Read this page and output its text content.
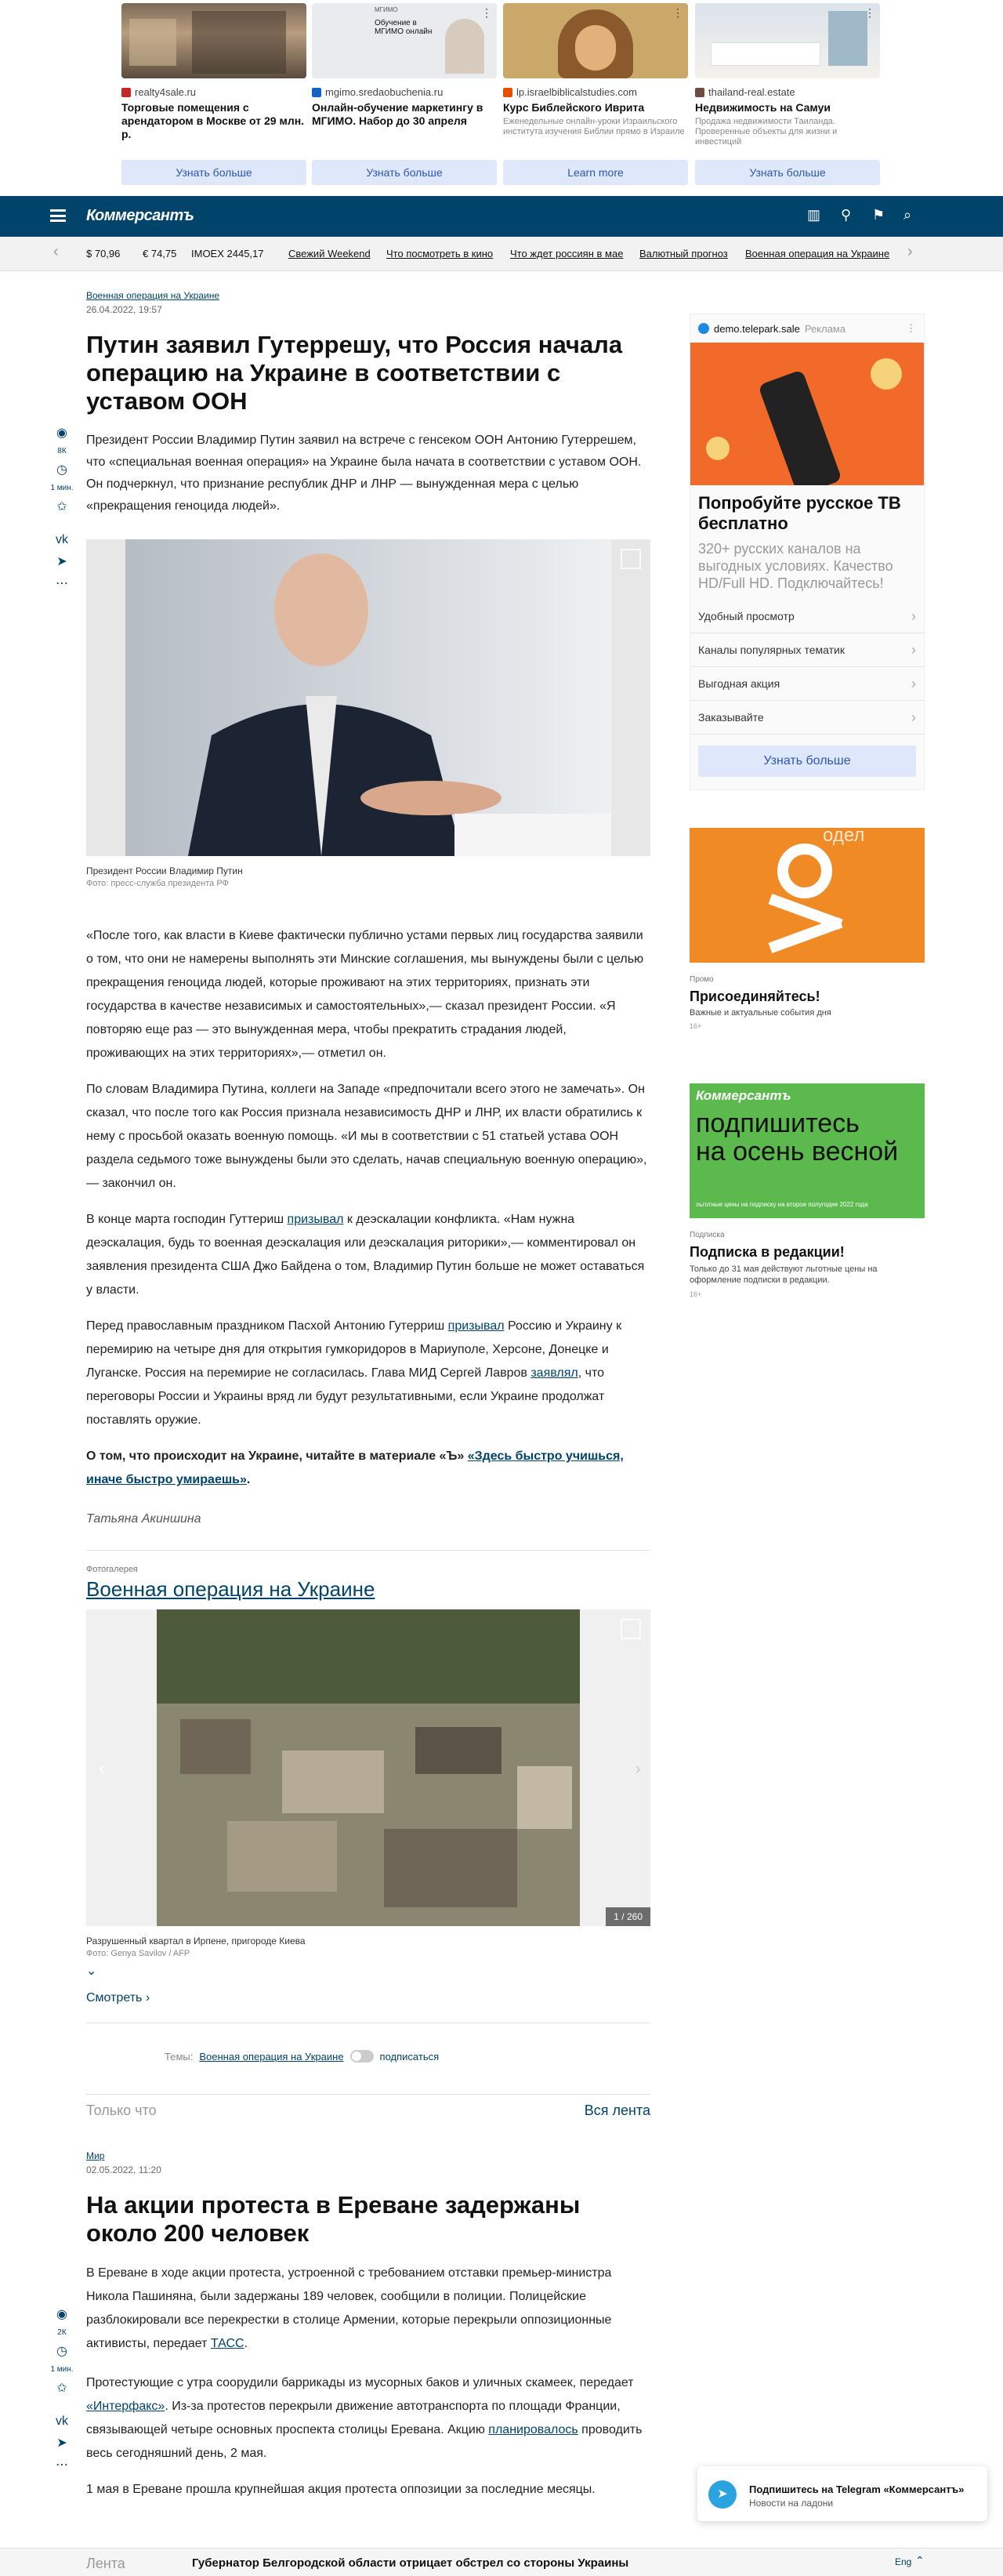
realty4sale.ru
Торговые помещения с арендатором в Москве от 29 млн. р.
Узнать больше
МГИМО
Обучение в МГИМО онлайн
⋮
mgimo.sredaobuchenia.ru
Онлайн-обучение маркетингу в МГИМО. Набор до 30 апреля
Узнать больше
⋮
lp.israelbiblicalstudies.com
Курс Библейского Иврита
Еженедельные онлайн-уроки Израильского института изучения Библии прямо в Израиле
Learn more
⋮
thailand-real.estate
Недвижимость на Самуи
Продажа недвижимости Таиланда. Проверенные объекты для жизни и инвестиций
Узнать больше
Коммерсантъ	▥ ⚲ ⚑ ⌕
‹	$ 70,96 € 74,75 IMOEX 2445,17 Свежий Weekend Что посмотреть в кино Что ждет россиян в мае Валютный прогноз Военная операция на Украине ›
Военная операция на Украине
26.04.2022, 19:57
Путин заявил Гутеррешу, что Россия начала операцию на Украине в соответствии с уставом ООН
◉
8К
◷
1 мин.
✩
vk
➤
⋯

Президент России Владимир Путин заявил на встрече с генсеком ООН Антонию Гутеррешем, что «специальная военная операция» на Украине была начата в соответствии с уставом ООН. Он подчеркнул, что признание республик ДНР и ЛНР — вынужденная мера с целью «прекращения геноцида людей».

Президент России Владимир Путин
Фото: пресс-служба президента РФ

«После того, как власти в Киеве фактически публично устами первых лиц государства заявили о том, что они не намерены выполнять эти Минские соглашения, мы вынуждены были с целью прекращения геноцида людей, которые проживают на этих территориях, признать эти государства в качестве независимых и самостоятельных»,— сказал президент России. «Я повторяю еще раз — это вынужденная мера, чтобы прекратить страдания людей, проживающих на этих территориях»,— отметил он.

По словам Владимира Путина, коллеги на Западе «предпочитали всего этого не замечать». Он сказал, что после того как Россия признала независимость ДНР и ЛНР, их власти обратились к нему с просьбой оказать военную помощь. «И мы в соответствии с 51 статьей устава ООН раздела седьмого тоже вынуждены были это сделать, начав специальную военную операцию»,— закончил он.

В конце марта господин Гуттериш призывал к деэскалации конфликта. «Нам нужна деэскалация, будь то военная деэскалация или деэскалация риторики»,— комментировал он заявления президента США Джо Байдена о том, Владимир Путин больше не может оставаться у власти.

Перед православным праздником Пасхой Антонию Гутерриш призывал Россию и Украину к перемирию на четыре дня для открытия гумкоридоров в Мариуполе, Херсоне, Донецке и Луганске. Россия на перемирие не согласилась. Глава МИД Сергей Лавров заявлял, что переговоры России и Украины вряд ли будут результативными, если Украине продолжат поставлять оружие.

О том, что происходит на Украине, читайте в материале «Ъ» «Здесь быстро учишься, иначе быстро умираешь».

Татьяна Акиншина
Фотогалерея
Военная операция на Украине
‹	›
1 / 260
Разрушенный квартал в Ирпене, пригороде Киева
Фото: Genya Savilov / AFP
⌄
Смотреть ›
Темы: Военная операция на Украине	подписаться
Только что	Вся лента
Мир
02.05.2022, 11:20
На акции протеста в Ереване задержаны около 200 человек
◉
2К
◷
1 мин.
✩
vk
➤
⋯

В Ереване в ходе акции протеста, устроенной с требованием отставки премьер-министра Никола Пашиняна, были задержаны 189 человек, сообщили в полиции. Полицейские разблокировали все перекрестки в столице Армении, которые перекрыли оппозиционные активисты, передает ТАСС.

Протестующие с утра соорудили баррикады из мусорных баков и уличных скамеек, передает «Интерфакс». Из-за протестов перекрыли движение автотранспорта по площади Франции, связывающей четыре основных проспекта столицы Еревана. Акцию планировалось проводить весь сегодняшний день, 2 мая.

1 мая в Ереване прошла крупнейшая акция протеста оппозиции за последние месяцы.

demo.telepark.sale Реклама	⋮
Попробуйте русское ТВ бесплатно
320+ русских каналов на выгодных условиях. Качество HD/Full HD. Подключайтесь!
Удобный просмотр ›
Каналы популярных тематик ›
Выгодная акция ›
Заказывайте ›
Узнать больше
одел
Промо
Присоединяйтесь!
Важные и актуальные события дня
16+
Коммерсантъ
подпишитесь
на осень весной
льготные цены на подписку на второе полугодие 2022 года
Подписка
Подписка в редакции!
Только до 31 мая действуют льготные цены на оформление подписки в редакции.
16+
➤	Подпишитесь на Telegram «Коммерсантъ»
Новости на ладони
Лента	Губернатор Белгородской области отрицает обстрел со стороны Украины	Eng ⌃
